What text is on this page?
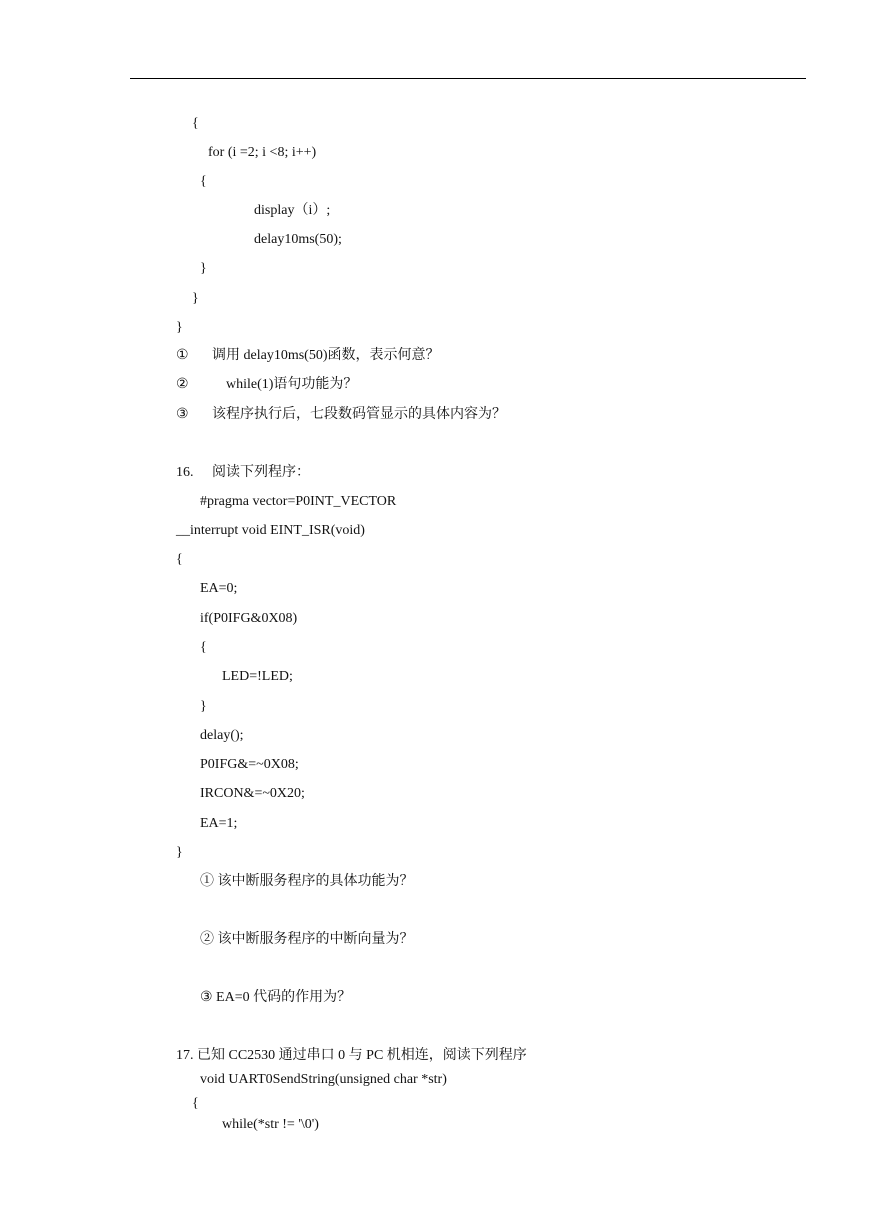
{
for (i =2; i <8; i++)
{
display（i）;
delay10ms(50);
}
}
}
① 调用 delay10ms(50)函数，表示何意？
②	while(1)语句功能为？
③ 该程序执行后，七段数码管显示的具体内容为？
16. 阅读下列程序：
#pragma vector=P0INT_VECTOR
__interrupt void EINT_ISR(void)
{
EA=0;
if(P0IFG&0X08)
{
LED=!LED;
}
delay();
P0IFG&=~0X08;
IRCON&=~0X20;
EA=1;
}
① 该中断服务程序的具体功能为？
② 该中断服务程序的中断向量为？
③ EA=0 代码的作用为？
17. 已知 CC2530 通过串口 0 与 PC 机相连，阅读下列程序
void UART0SendString(unsigned char *str)
{
while(*str != '\0')
